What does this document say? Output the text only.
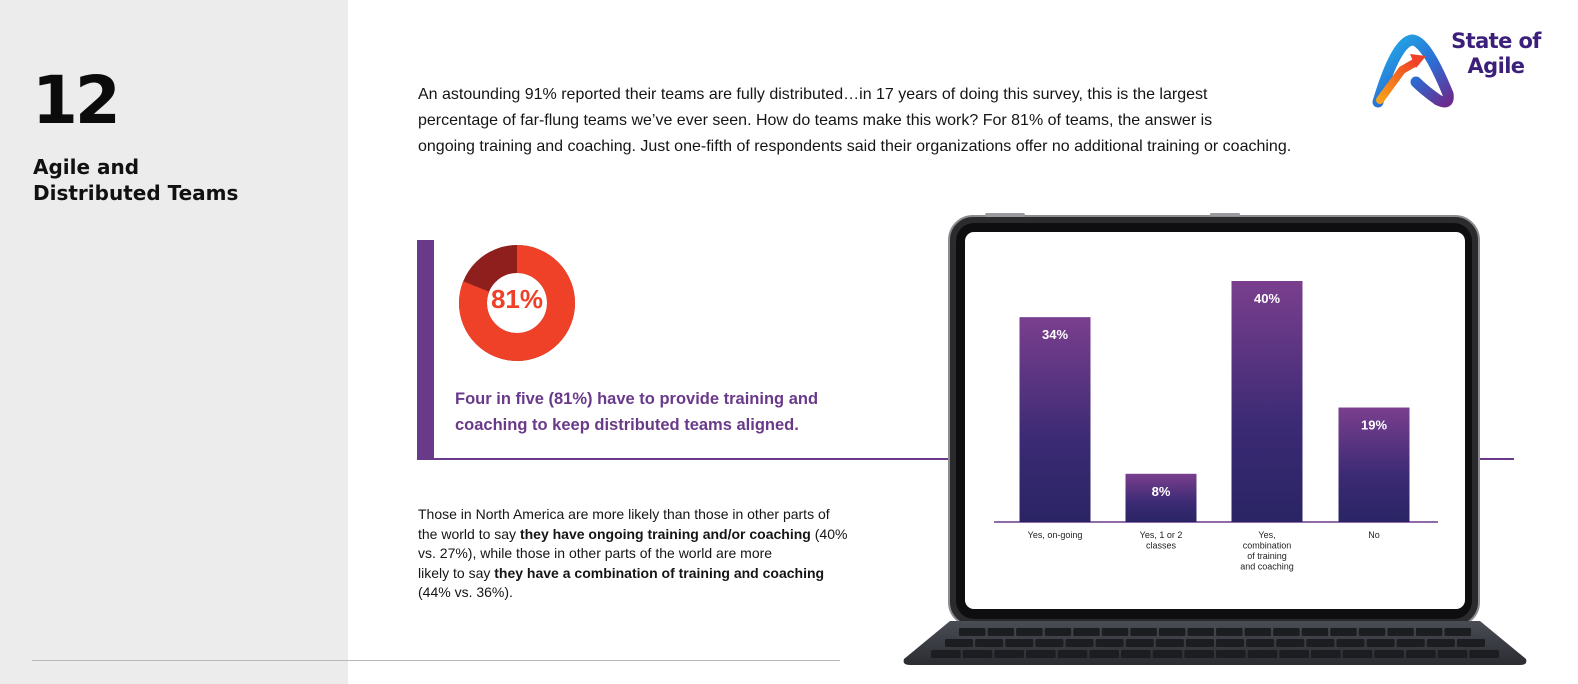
12
Agile and
Distributed Teams
State of
Agile
An astounding 91% reported their teams are fully distributed…in 17 years of doing this survey, this is the largest
percentage of far-flung teams we’ve ever seen. How do teams make this work? For 81% of teams, the answer is
ongoing training and coaching. Just one-fifth of respondents said their organizations offer no additional training or coaching.
81%
Four in five (81%) have to provide training and
coaching to keep distributed teams aligned.
Those in North America are more likely than those in other parts of
the world to say they have ongoing training and/or coaching (40%
vs. 27%), while those in other parts of the world are more
likely to say they have a combination of training and coaching
(44% vs. 36%).
34%
Yes, on-going
8%
Yes, 1 or 2 classes
40%
Yes, combination of training and coaching
19%
No
